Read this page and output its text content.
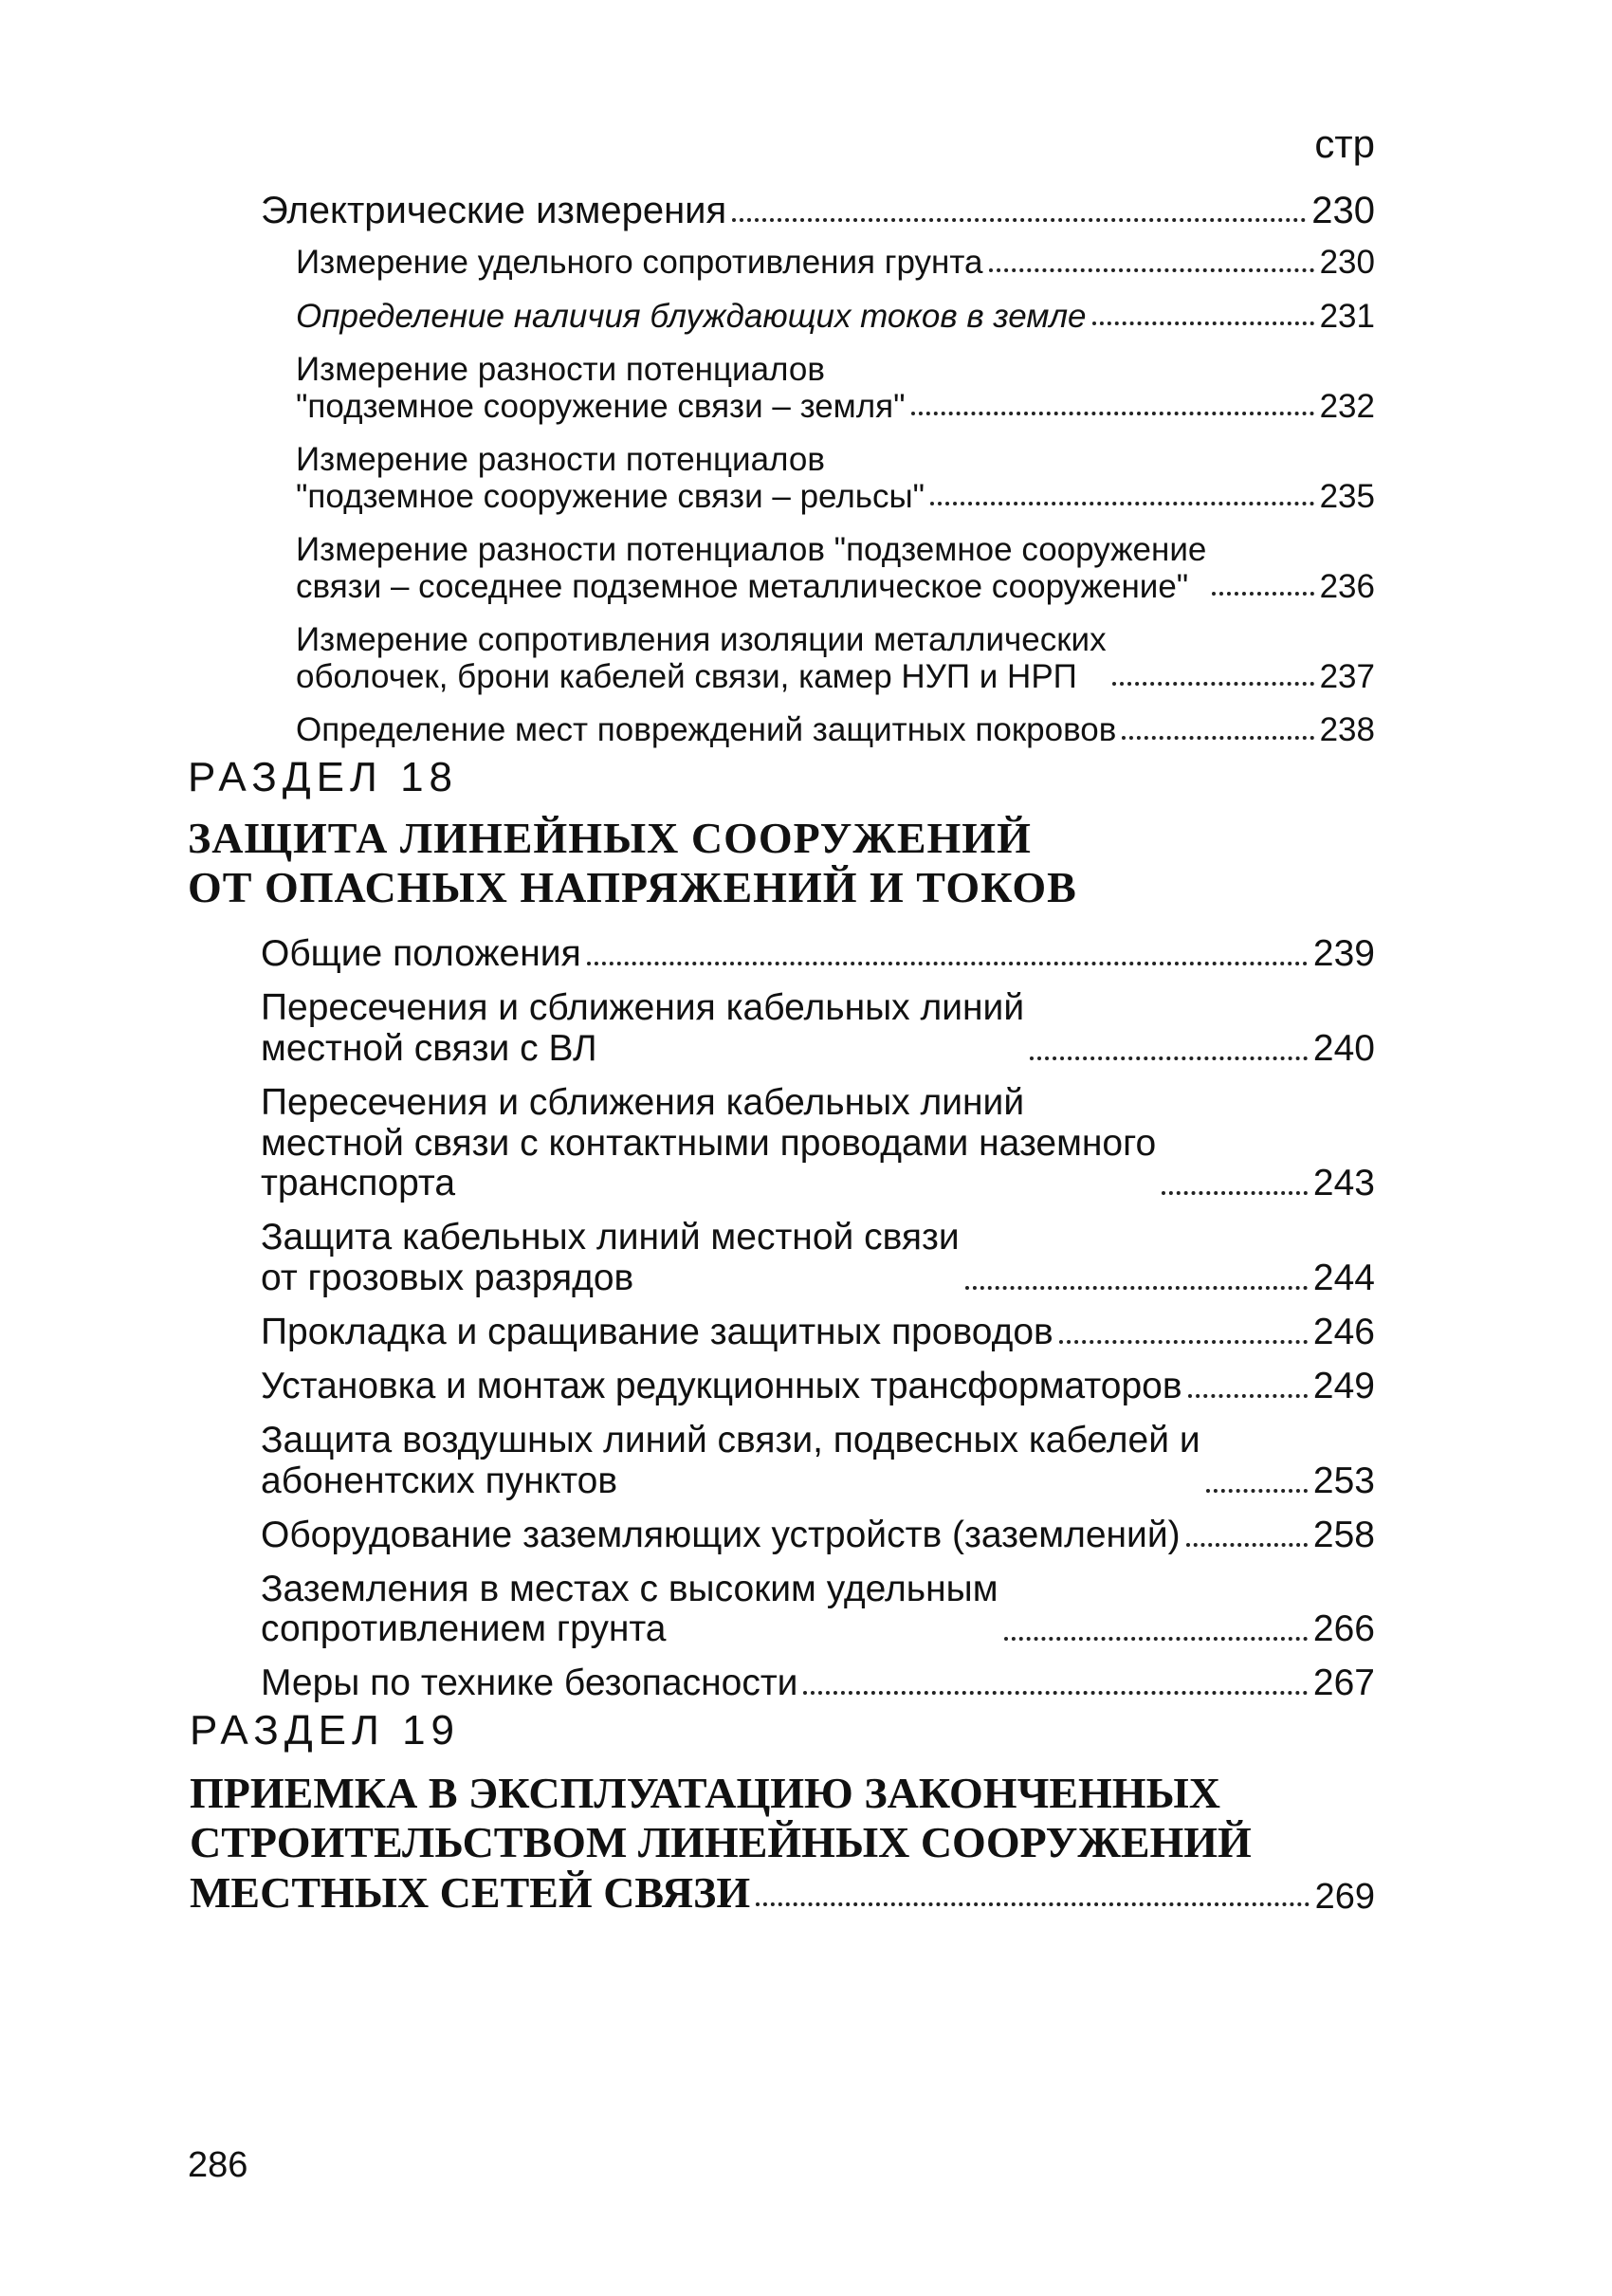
стр
Электрические измерения	230
Измерение удельного сопротивления грунта	230
Определение наличия блуждающих токов в земле	231
Измерение разности потенциалов
"подземное сооружение связи – земля"	232
Измерение разности потенциалов
"подземное сооружение связи – рельсы"	235
Измерение разности потенциалов "подземное сооружение
связи – соседнее подземное металлическое сооружение"	236
Измерение сопротивления изоляции металлических
оболочек, брони кабелей связи, камер НУП и НРП	237
Определение мест повреждений защитных покровов	238
РАЗДЕЛ 18
ЗАЩИТА ЛИНЕЙНЫХ СООРУЖЕНИЙ
ОТ ОПАСНЫХ НАПРЯЖЕНИЙ И ТОКОВ
Общие положения	239
Пересечения и сближения кабельных линий
местной связи с ВЛ	240
Пересечения и сближения кабельных линий
местной связи с контактными проводами наземного
транспорта	243
Защита кабельных линий местной связи
от грозовых разрядов	244
Прокладка и сращивание защитных проводов	246
Установка и монтаж редукционных трансформаторов	249
Защита воздушных линий связи, подвесных кабелей и
абонентских пунктов	253
Оборудование заземляющих устройств (заземлений)	258
Заземления в местах с высоким удельным
сопротивлением грунта	266
Меры по технике безопасности	267
РАЗДЕЛ 19
ПРИЕМКА В ЭКСПЛУАТАЦИЮ ЗАКОНЧЕННЫХ
СТРОИТЕЛЬСТВОМ ЛИНЕЙНЫХ СООРУЖЕНИЙ
МЕСТНЫХ СЕТЕЙ СВЯЗИ	269
286
